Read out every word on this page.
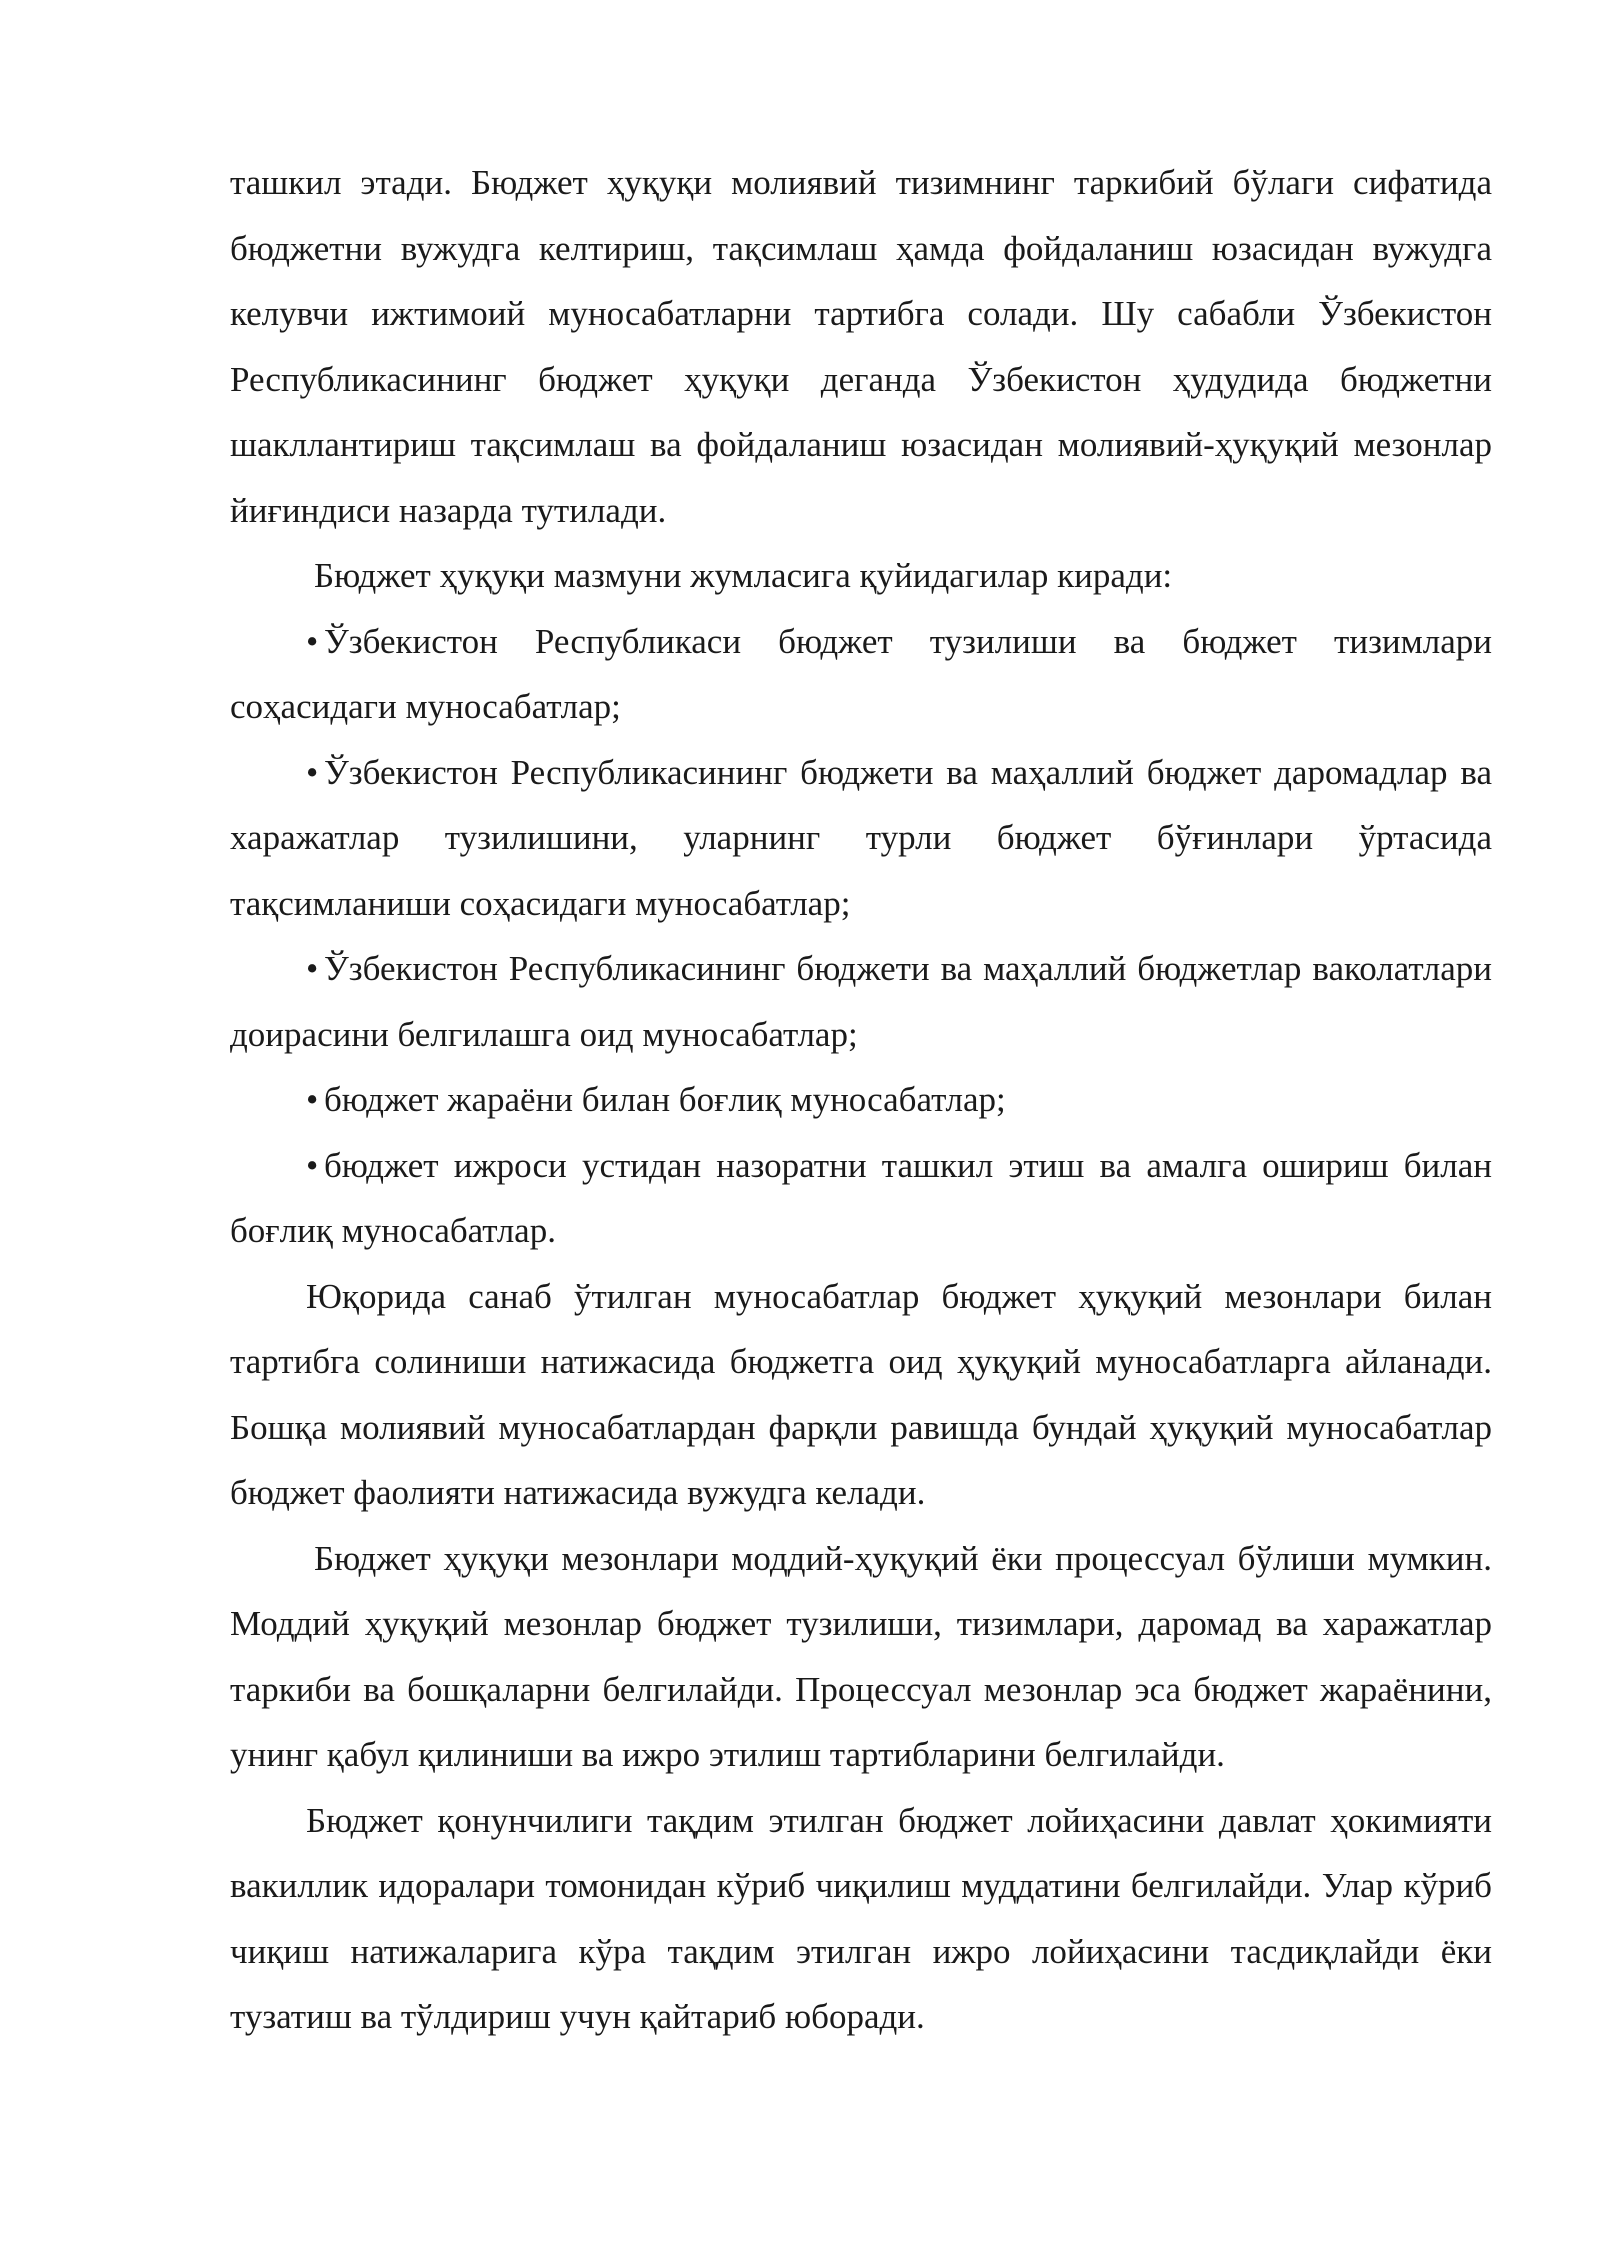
ташкил этади. Бюджет ҳуқуқи молиявий тизимнинг таркибий бўлаги сифатида бюджетни вужудга келтириш, тақсимлаш ҳамда фойдаланиш юзасидан вужудга келувчи ижтимоий муносабатларни тартибга солади. Шу сабабли Ўзбекистон Республикасининг бюджет ҳуқуқи деганда Ўзбекистон ҳудудида бюджетни шакллантириш тақсимлаш ва фойдаланиш юзасидан молиявий-ҳуқуқий мезонлар йиғиндиси назарда тутилади.

Бюджет ҳуқуқи мазмуни жумласига қуйидагилар киради:

• Ўзбекистон Республикаси бюджет тузилиши ва бюджет тизимлари соҳасидаги муносабатлар;

• Ўзбекистон Республикасининг бюджети ва маҳаллий бюджет даромадлар ва харажатлар тузилишини, уларнинг турли бюджет бўғинлари ўртасида тақсимланиши соҳасидаги муносабатлар;

• Ўзбекистон Республикасининг бюджети ва маҳаллий бюджетлар ваколатлари доирасини белгилашга оид муносабатлар;

• бюджет жараёни билан боғлиқ муносабатлар;

• бюджет ижроси устидан назоратни ташкил этиш ва амалга ошириш билан боғлиқ муносабатлар.

Юқорида санаб ўтилган муносабатлар бюджет ҳуқуқий мезонлари билан тартибга солиниши натижасида бюджетга оид ҳуқуқий муносабатларга айланади. Бошқа молиявий муносабатлардан фарқли равишда бундай ҳуқуқий муносабатлар бюджет фаолияти натижасида вужудга келади.

Бюджет ҳуқуқи мезонлари моддий-ҳуқуқий ёки процессуал бўлиши мумкин. Моддий ҳуқуқий мезонлар бюджет тузилиши, тизимлари, даромад ва харажатлар таркиби ва бошқаларни белгилайди. Процессуал мезонлар эса бюджет жараёнини, унинг қабул қилиниши ва ижро этилиш тартибларини белгилайди.

Бюджет қонунчилиги тақдим этилган бюджет лойиҳасини давлат ҳокимияти вакиллик идоралари томонидан кўриб чиқилиш муддатини белгилайди. Улар кўриб чиқиш натижаларига кўра тақдим этилган ижро лойиҳасини тасдиқлайди ёки тузатиш ва тўлдириш учун қайтариб юборади.
